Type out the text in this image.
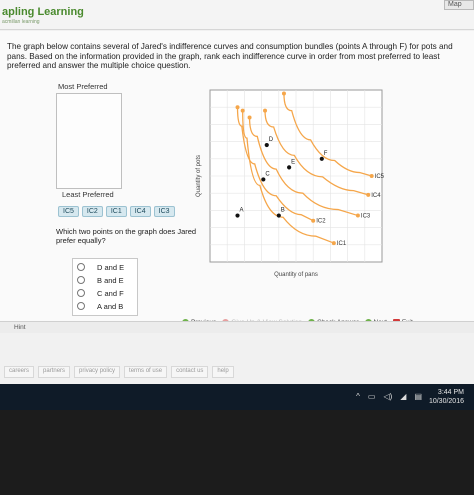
apling Learning
acmillan learning
Map
The graph below contains several of Jared's indifference curves and consumption bundles (points A through F) for pots and pans. Based on the information provided in the graph, rank each indifference curve in order from most preferred to least preferred and answer the multiple choice question.
Most Preferred
Least Preferred
IC5	IC2	IC1	IC4	IC3
Which two points on the graph does Jared prefer equally?
D and E
B and E
C and F
A and B
IC1
IC2
IC3
IC4
IC5
A	B
C
D
E
F
Quantity of pans
Quantity of pots
Hint
careers	partners	privacy policy	terms of use	contact us	help
^ ▭ ◁) ◢ ▤	3:44 PM
10/30/2016
